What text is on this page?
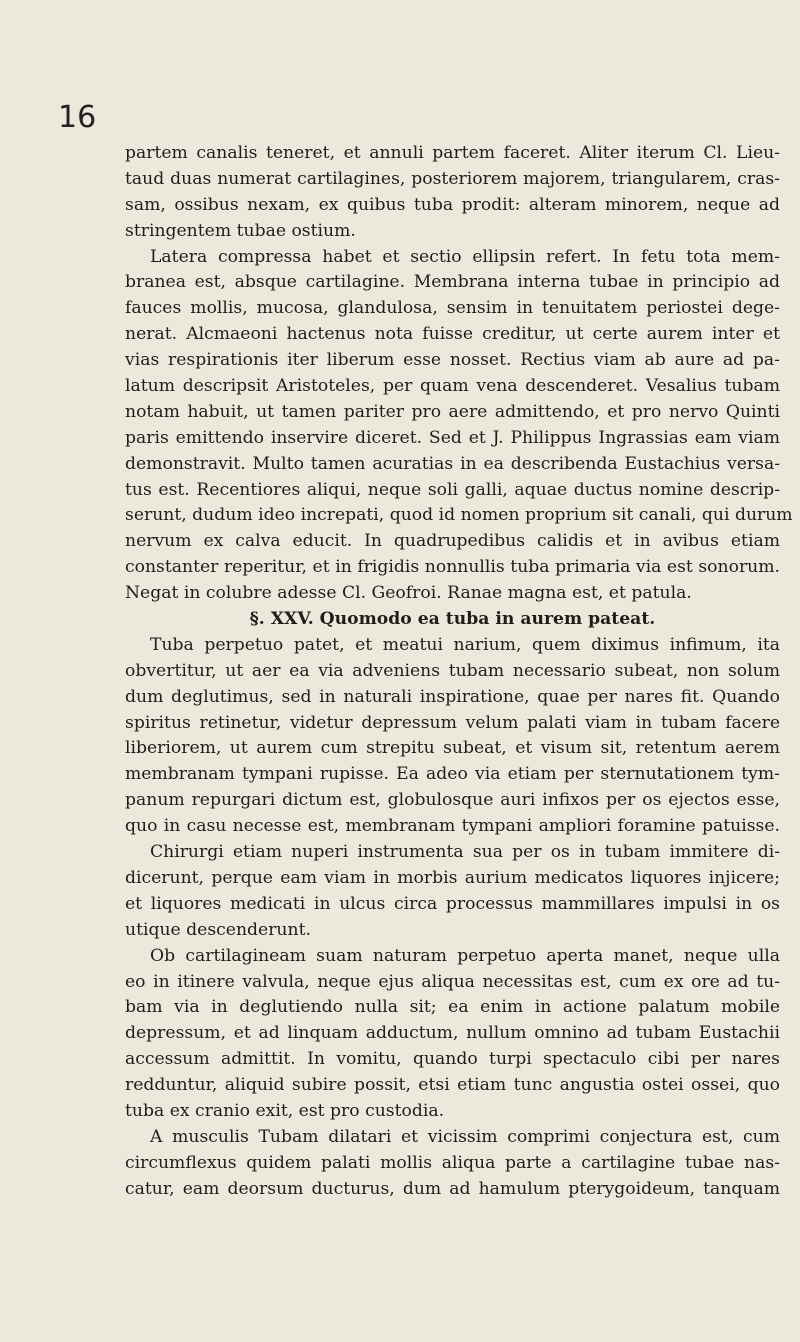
16
partem canalis teneret, et annuli partem faceret. Aliter iterum Cl. Lieu-
taud duas numerat cartilagines, posteriorem majorem, triangularem, cras-
sam, ossibus nexam, ex quibus tuba prodit: alteram minorem, neque ad
stringentem tubae ostium.
Latera compressa habet et sectio ellipsin refert. In fetu tota mem-
branea est, absque cartilagine. Membrana interna tubae in principio ad
fauces mollis, mucosa, glandulosa, sensim in tenuitatem periostei dege-
nerat. Alcmaeoni hactenus nota fuisse creditur, ut certe aurem inter et
vias respirationis iter liberum esse nosset. Rectius viam ab aure ad pa-
latum descripsit Aristoteles, per quam vena descenderet. Vesalius tubam
notam habuit, ut tamen pariter pro aere admittendo, et pro nervo Quinti
paris emittendo inservire diceret. Sed et J. Philippus Ingrassias eam viam
demonstravit. Multo tamen acuratias in ea describenda Eustachius versa-
tus est. Recentiores aliqui, neque soli galli, aquae ductus nomine descrip-
serunt, dudum ideo increpati, quod id nomen proprium sit canali, qui durum
nervum ex calva educit. In quadrupedibus calidis et in avibus etiam
constanter reperitur, et in frigidis nonnullis tuba primaria via est sonorum.
Negat in colubre adesse Cl. Geofroi. Ranae magna est, et patula.
§. XXV. Quomodo ea tuba in aurem pateat.
Tuba perpetuo patet, et meatui narium, quem diximus infimum, ita
obvertitur, ut aer ea via adveniens tubam necessario subeat, non solum
dum deglutimus, sed in naturali inspiratione, quae per nares fit. Quando
spiritus retinetur, videtur depressum velum palati viam in tubam facere
liberiorem, ut aurem cum strepitu subeat, et visum sit, retentum aerem
membranam tympani rupisse. Ea adeo via etiam per sternutationem tym-
panum repurgari dictum est, globulosque auri infixos per os ejectos esse,
quo in casu necesse est, membranam tympani ampliori foramine patuisse.
Chirurgi etiam nuperi instrumenta sua per os in tubam immitere di-
dicerunt, perque eam viam in morbis aurium medicatos liquores injicere;
et liquores medicati in ulcus circa processus mammillares impulsi in os
utique descenderunt.
Ob cartilagineam suam naturam perpetuo aperta manet, neque ulla
eo in itinere valvula, neque ejus aliqua necessitas est, cum ex ore ad tu-
bam via in deglutiendo nulla sit; ea enim in actione palatum mobile
depressum, et ad linquam adductum, nullum omnino ad tubam Eustachii
accessum admittit. In vomitu, quando turpi spectaculo cibi per nares
redduntur, aliquid subire possit, etsi etiam tunc angustia ostei ossei, quo
tuba ex cranio exit, est pro custodia.
A musculis Tubam dilatari et vicissim comprimi conjectura est, cum
circumflexus quidem palati mollis aliqua parte a cartilagine tubae nas-
catur, eam deorsum ducturus, dum ad hamulum pterygoideum, tanquam
